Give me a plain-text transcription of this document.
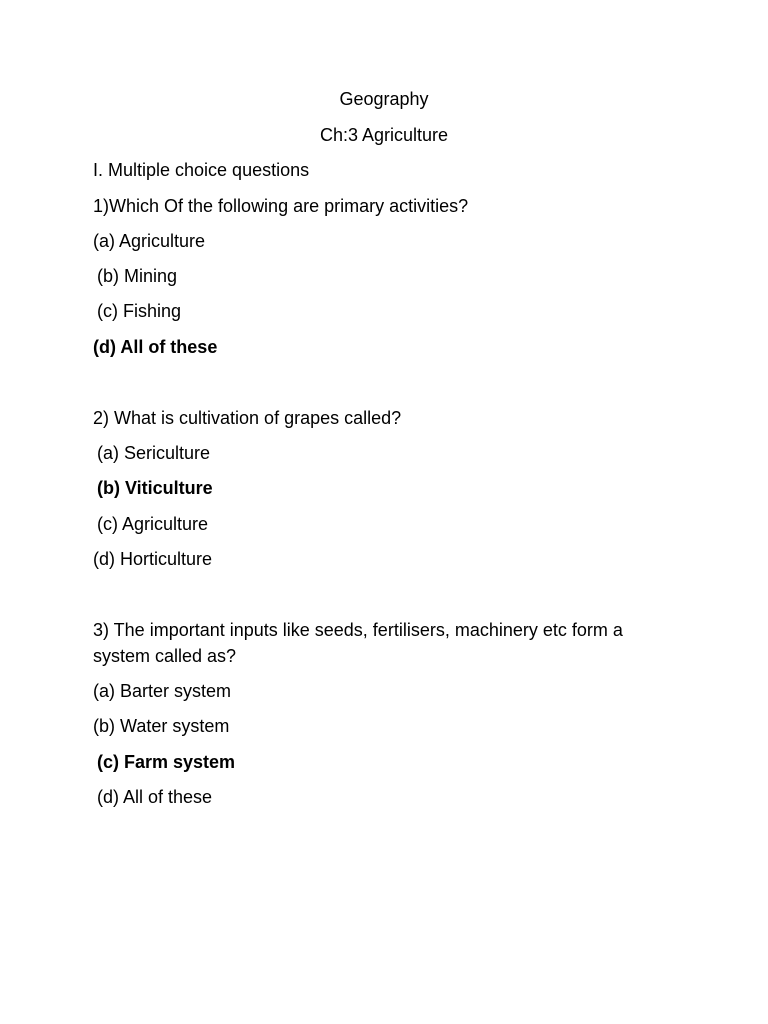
Geography
Ch:3 Agriculture
I. Multiple choice questions
1)Which Of the following are primary activities?
(a) Agriculture
(b) Mining
(c) Fishing
(d) All of these
2) What is cultivation of grapes called?
(a) Sericulture
(b) Viticulture
(c) Agriculture
(d) Horticulture
3) The important inputs like seeds, fertilisers, machinery etc form a system called as?
(a) Barter system
(b) Water system
(c) Farm system
(d) All of these
